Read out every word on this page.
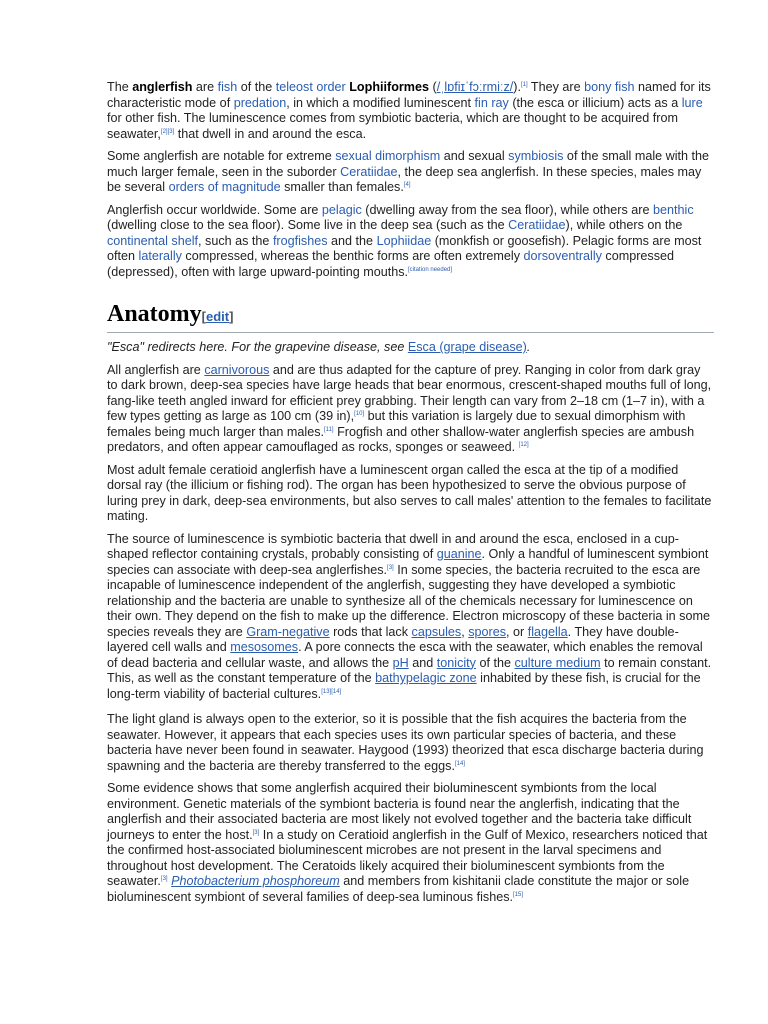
The anglerfish are fish of the teleost order Lophiiformes (/ˌlɒfiɪˈfɔːrmiːz/).[1] They are bony fish named for its characteristic mode of predation, in which a modified luminescent fin ray (the esca or illicium) acts as a lure for other fish. The luminescence comes from symbiotic bacteria, which are thought to be acquired from seawater,[2][3] that dwell in and around the esca.

Some anglerfish are notable for extreme sexual dimorphism and sexual symbiosis of the small male with the much larger female, seen in the suborder Ceratiidae, the deep sea anglerfish. In these species, males may be several orders of magnitude smaller than females.[4]

Anglerfish occur worldwide. Some are pelagic (dwelling away from the sea floor), while others are benthic (dwelling close to the sea floor). Some live in the deep sea (such as the Ceratiidae), while others on the continental shelf, such as the frogfishes and the Lophiidae (monkfish or goosefish). Pelagic forms are most often laterally compressed, whereas the benthic forms are often extremely dorsoventrally compressed (depressed), often with large upward-pointing mouths.[citation needed]

Anatomy[edit]
"Esca" redirects here. For the grapevine disease, see Esca (grape disease).

All anglerfish are carnivorous and are thus adapted for the capture of prey. Ranging in color from dark gray to dark brown, deep-sea species have large heads that bear enormous, crescent-shaped mouths full of long, fang-like teeth angled inward for efficient prey grabbing. Their length can vary from 2–18 cm (1–7 in), with a few types getting as large as 100 cm (39 in),[10] but this variation is largely due to sexual dimorphism with females being much larger than males.[11] Frogfish and other shallow-water anglerfish species are ambush predators, and often appear camouflaged as rocks, sponges or seaweed. [12]

Most adult female ceratioid anglerfish have a luminescent organ called the esca at the tip of a modified dorsal ray (the illicium or fishing rod). The organ has been hypothesized to serve the obvious purpose of luring prey in dark, deep-sea environments, but also serves to call males' attention to the females to facilitate mating.

The source of luminescence is symbiotic bacteria that dwell in and around the esca, enclosed in a cup-shaped reflector containing crystals, probably consisting of guanine. Only a handful of luminescent symbiont species can associate with deep-sea anglerfishes.[3] In some species, the bacteria recruited to the esca are incapable of luminescence independent of the anglerfish, suggesting they have developed a symbiotic relationship and the bacteria are unable to synthesize all of the chemicals necessary for luminescence on their own. They depend on the fish to make up the difference. Electron microscopy of these bacteria in some species reveals they are Gram-negative rods that lack capsules, spores, or flagella. They have double-layered cell walls and mesosomes. A pore connects the esca with the seawater, which enables the removal of dead bacteria and cellular waste, and allows the pH and tonicity of the culture medium to remain constant. This, as well as the constant temperature of the bathypelagic zone inhabited by these fish, is crucial for the long-term viability of bacterial cultures.[13][14]

The light gland is always open to the exterior, so it is possible that the fish acquires the bacteria from the seawater. However, it appears that each species uses its own particular species of bacteria, and these bacteria have never been found in seawater. Haygood (1993) theorized that esca discharge bacteria during spawning and the bacteria are thereby transferred to the eggs.[14]

Some evidence shows that some anglerfish acquired their bioluminescent symbionts from the local environment. Genetic materials of the symbiont bacteria is found near the anglerfish, indicating that the anglerfish and their associated bacteria are most likely not evolved together and the bacteria take difficult journeys to enter the host.[3] In a study on Ceratioid anglerfish in the Gulf of Mexico, researchers noticed that the confirmed host-associated bioluminescent microbes are not present in the larval specimens and throughout host development. The Ceratoids likely acquired their bioluminescent symbionts from the seawater.[3] Photobacterium phosphoreum and members from kishitanii clade constitute the major or sole bioluminescent symbiont of several families of deep-sea luminous fishes.[15]
